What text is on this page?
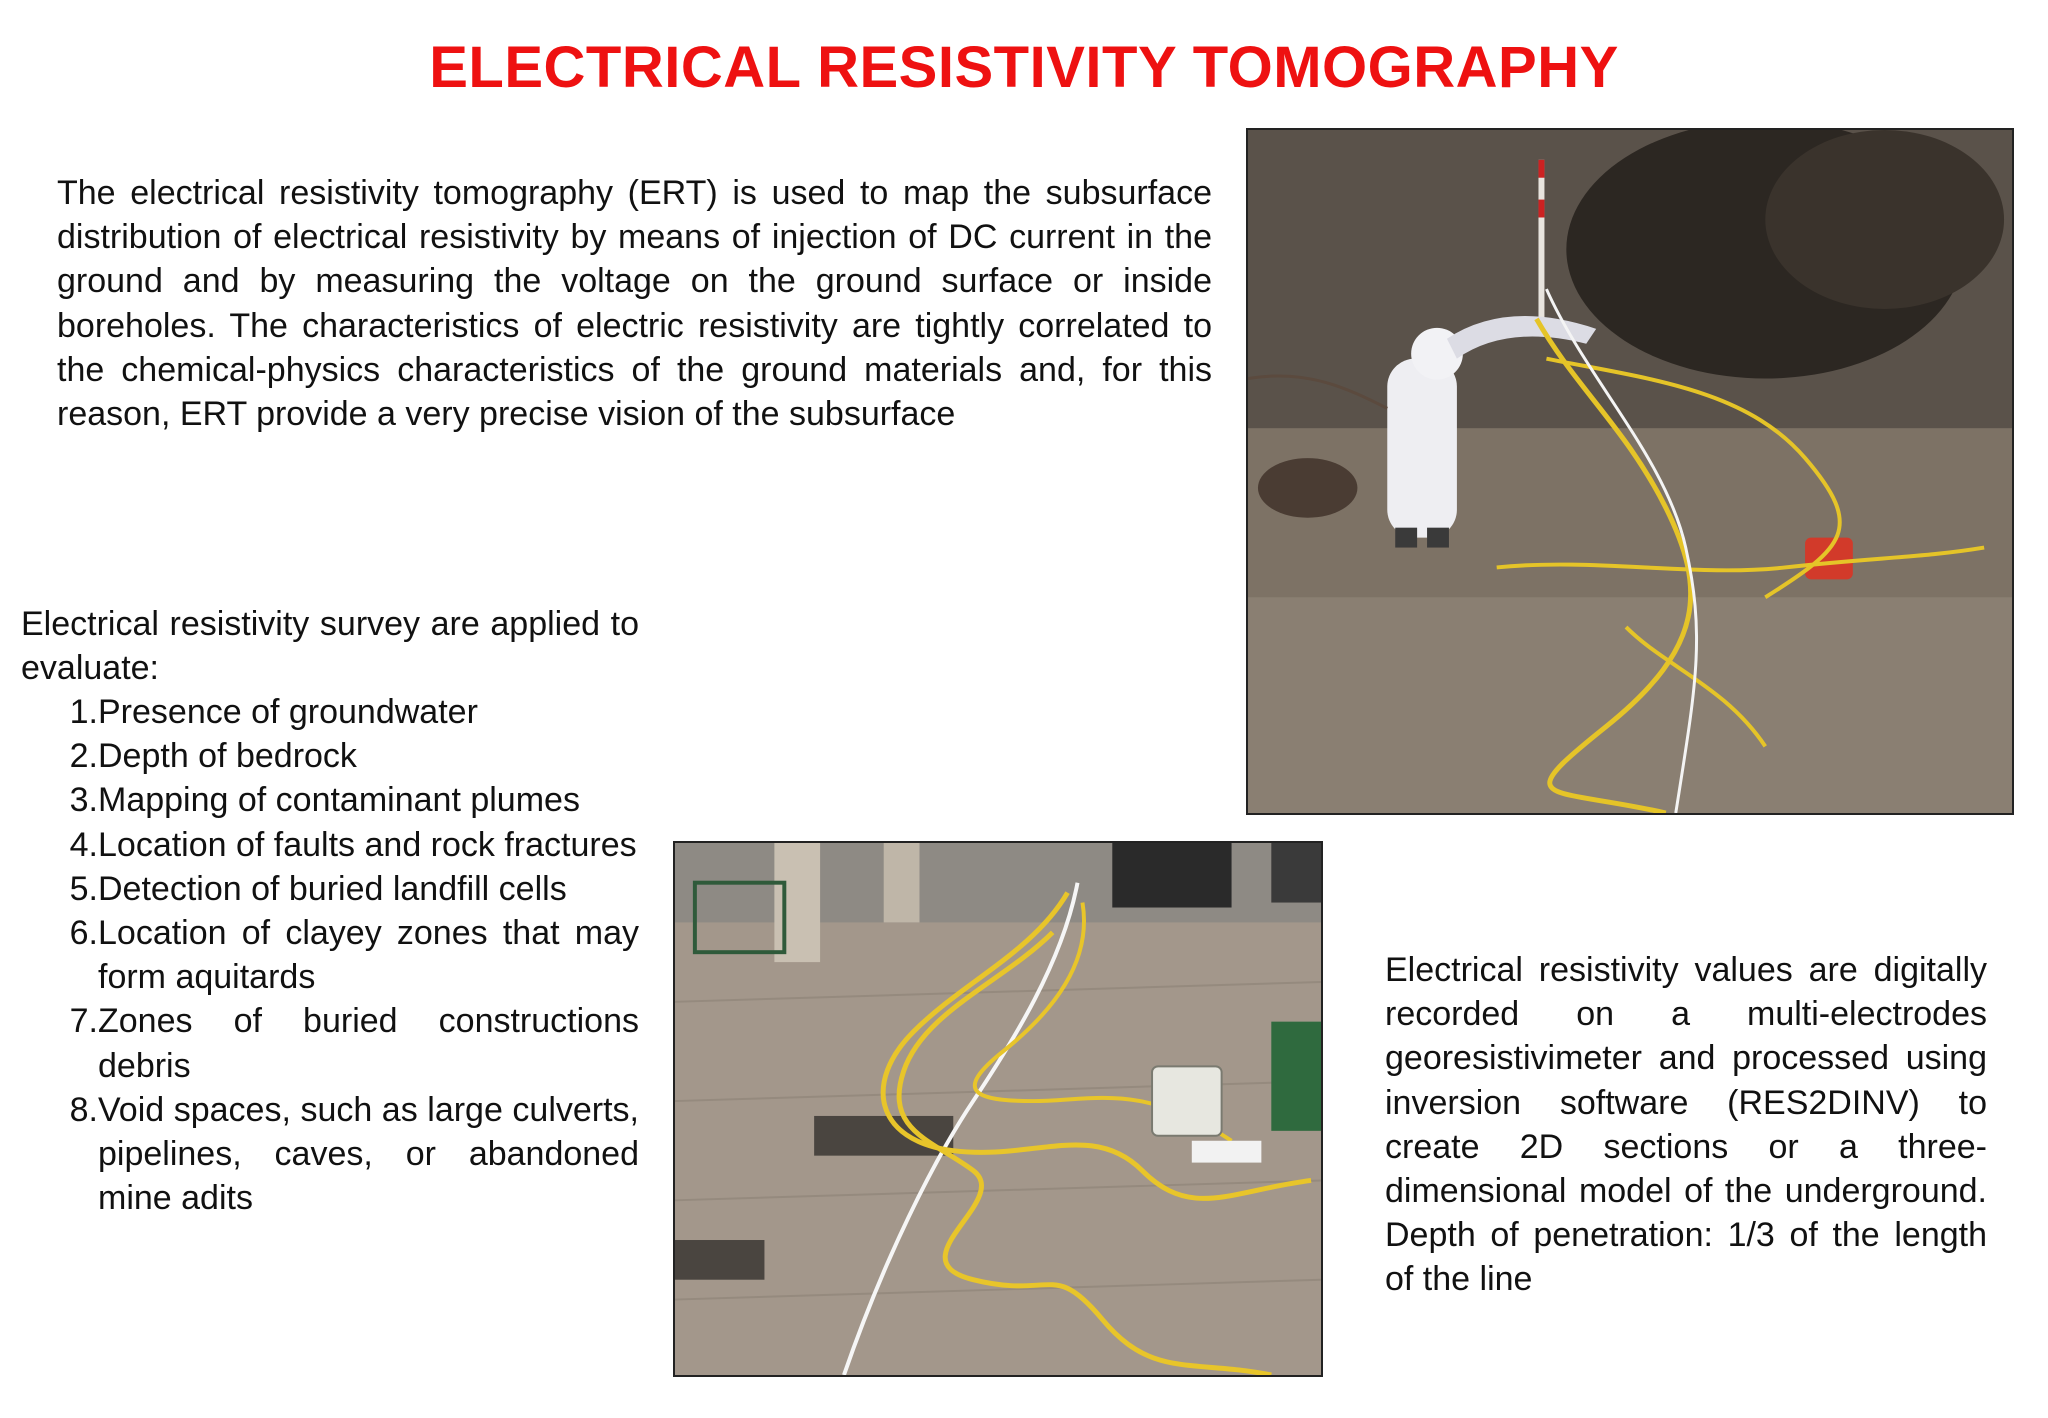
ELECTRICAL RESISTIVITY TOMOGRAPHY

The electrical resistivity tomography (ERT) is used to map the subsurface distribution of electrical resistivity by means of injection of DC current in the ground and by measuring the voltage on the ground surface or inside boreholes. The characteristics of electric resistivity are tightly correlated to the chemical-physics characteristics of the ground materials and, for this reason, ERT provide a very precise vision of the subsurface

Electrical resistivity survey are applied to evaluate:

1. Presence of groundwater
2. Depth of bedrock
3. Mapping of contaminant plumes
4. Location of faults and rock fractures
5. Detection of buried landfill cells
6. Location of clayey zones that may form aquitards
7. Zones of buried constructions debris
8. Void spaces, such as large culverts, pipelines, caves, or abandoned mine adits

Electrical resistivity values are digitally recorded on a multi-electrodes georesistivimeter and processed using inversion software (RES2DINV) to create 2D sections or a three-dimensional model of the underground. Depth of penetration: 1/3 of the length of the line
